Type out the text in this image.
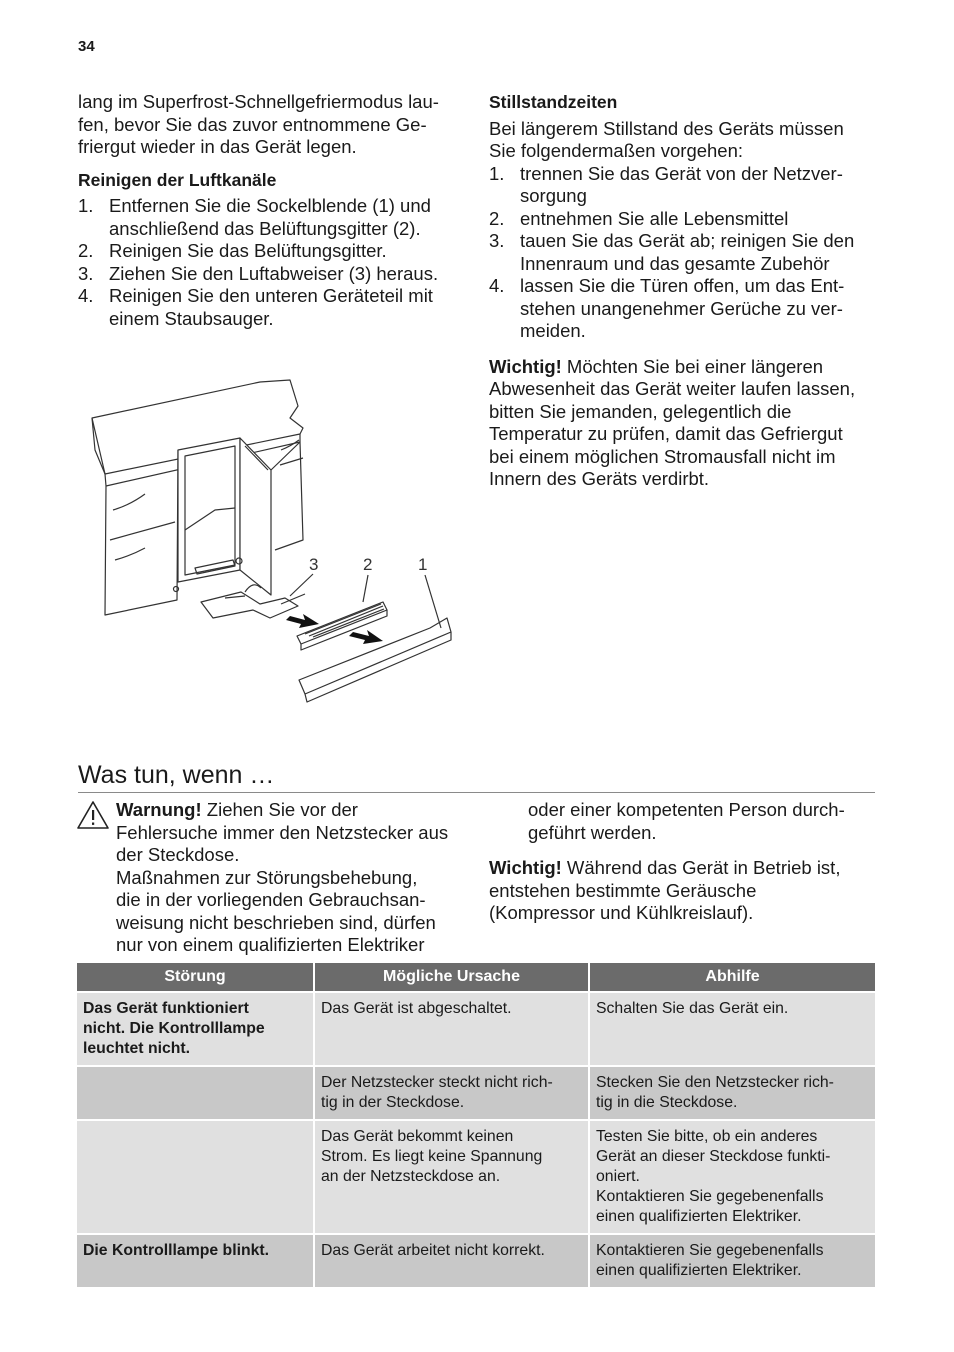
34

lang im Superfrost-Schnellgefriermodus lau-
fen, bevor Sie das zuvor entnommene Ge-
friergut wieder in das Gerät legen.

Reinigen der Luftkanäle
1. Entfernen Sie die Sockelblende (1) und
anschließend das Belüftungsgitter (2).
2. Reinigen Sie das Belüftungsgitter.
3. Ziehen Sie den Luftabweiser (3) heraus.
4. Reinigen Sie den unteren Geräteteil mit
einem Staubsauger.
3	2	1
Stillstandzeiten

Bei längerem Stillstand des Geräts müssen
Sie folgendermaßen vorgehen:

1. trennen Sie das Gerät von der Netzver-
sorgung
2. entnehmen Sie alle Lebensmittel
3. tauen Sie das Gerät ab; reinigen Sie den
Innenraum und das gesamte Zubehör
4. lassen Sie die Türen offen, um das Ent-
stehen unangenehmer Gerüche zu ver-
meiden.

Wichtig! Möchten Sie bei einer längeren
Abwesenheit das Gerät weiter laufen lassen,
bitten Sie jemanden, gelegentlich die
Temperatur zu prüfen, damit das Gefriergut
bei einem möglichen Stromausfall nicht im
Innern des Geräts verdirbt.

Was tun, wenn …

Warnung! Ziehen Sie vor der
Fehlersuche immer den Netzstecker aus
der Steckdose.
Maßnahmen zur Störungsbehebung,
die in der vorliegenden Gebrauchsan-
weisung nicht beschrieben sind, dürfen
nur von einem qualifizierten Elektriker

oder einer kompetenten Person durch-
geführt werden.

Wichtig! Während das Gerät in Betrieb ist,
entstehen bestimmte Geräusche
(Kompressor und Kühlkreislauf).

Störung	Mögliche Ursache	Abhilfe
Das Gerät funktioniert
nicht. Die Kontrolllampe
leuchtet nicht.	Das Gerät ist abgeschaltet.	Schalten Sie das Gerät ein.
	Der Netzstecker steckt nicht rich-
tig in der Steckdose.	Stecken Sie den Netzstecker rich-
tig in die Steckdose.
	Das Gerät bekommt keinen
Strom. Es liegt keine Spannung
an der Netzsteckdose an.	Testen Sie bitte, ob ein anderes
Gerät an dieser Steckdose funkti-
oniert.
Kontaktieren Sie gegebenenfalls
einen qualifizierten Elektriker.
Die Kontrolllampe blinkt.	Das Gerät arbeitet nicht korrekt.	Kontaktieren Sie gegebenenfalls
einen qualifizierten Elektriker.
